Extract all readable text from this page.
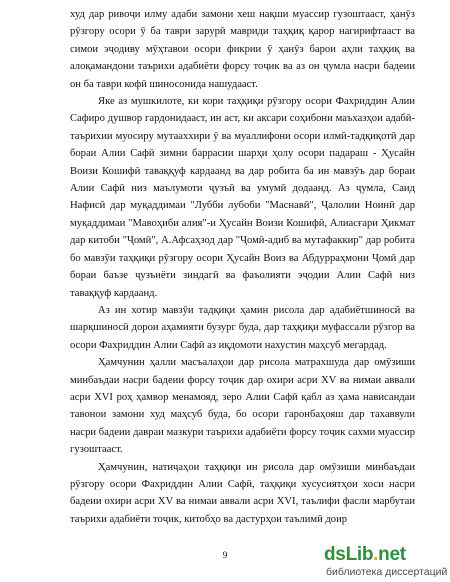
худ дар ривоҷи илму адаби замони хеш нақши муассир гузоштааст, ҳанӯз рӯзгору осори ӯ ба таври зарурӣ мавриди таҳқиқ қарор нагирифтааст ва симои эҷодиву мӯҳтавои осори фикрии ӯ ҳанӯз барои аҳли таҳқиқ ва алоқамандони таърихи адабиёти форсу тоҷик ва аз он ҷумла насри бадеии он ба таври кофӣ шиносонида нашудааст.

Яке аз мушкилоте, ки кори таҳқиқи рӯзгору осори Фахриддин Алии Сафиро душвор гардонидааст, ин аст, ки аксари соҳибони маъхазҳои адабӣ-таърихии муосиру мутааххири ӯ ва муаллифони осори илмӣ-тадқиқотӣ дар бораи Алии Сафӣ зимни баррасии шарҳи ҳолу осори падараш - Ҳусайн Воизи Кошифӣ таваққуф кардаанд ва дар робита ба ин мавзӯъ дар бораи Алии Сафӣ низ маълумоти ҷузъӣ ва умумӣ додаанд. Аз ҷумла, Саид Нафисӣ дар муқаддимаи "Лубби лубоби "Маснавӣ", Ҷалолии Ноинӣ дар муқаддимаи "Мавоҳиби алия"-и Ҳусайн Воизи Кошифӣ, Алиасғари Ҳикмат дар китоби "Ҷомӣ", А.Афсаҳзод дар "Ҷомӣ-адиб ва мутафаккир" дар робита бо мавзӯи таҳқиқи рӯзгору осори Ҳусайн Воиз ва Абдурраҳмони Ҷомӣ дар бораи баъзе ҷузъиёти зиндагӣ ва фаъолияти эҷодии Алии Сафӣ низ таваққуф кардаанд.

Аз ин хотир мавзӯи тадқиқи ҳамин рисола дар адабиётшиносӣ ва шарқшиносӣ дорои аҳамияти бузург буда, дар таҳқиқи муфассали рӯзгор ва осори Фахриддин Алии Сафӣ аз иқдомоти нахустин маҳсуб мегардад.

Ҳамчунин ҳалли масъалаҳои дар рисола матрахшуда дар омӯзиши минбаъдаи насри бадеии форсу тоҷик дар охири асри XV ва нимаи аввали асри XVI роҳ ҳамвор менамояд, зеро Алии Сафӣ қабл аз ҳама нависандаи тавонои замони худ маҳсуб буда, бо осори гаронбаҳояш дар тахаввули насри бадеии давраи мазкури таърихи адабиёти форсу тоҷик сахми муассир гузоштааст.

Ҳамчунин, натиҷаҳои таҳқиқи ин рисола дар омӯзиши минбаъдаи рӯзгору осори Фахриддин Алии Сафӣ, таҳқиқи хусусиятҳои хоси насри бадеии охири асри XV ва нимаи аввали асри XVI, таълифи фасли марбутаи таърихи адабиёти тоҷик, китобҳо ва дастурҳои таълимӣ доир

9	dsLib.net
библиотека диссертаций
